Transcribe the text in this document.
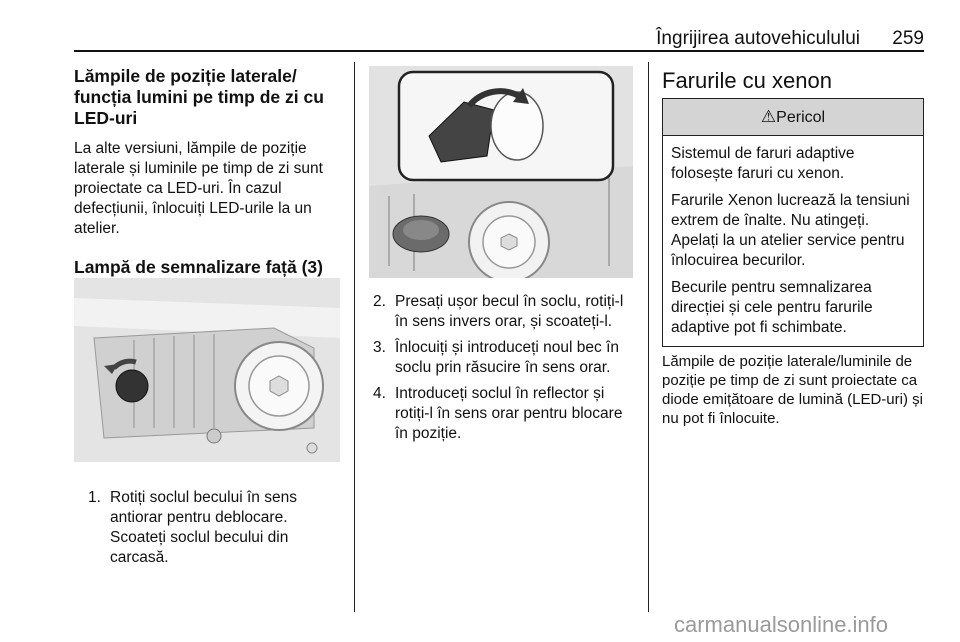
Îngrijirea autovehiculului 259
Lămpile de poziție laterale/ funcția lumini pe timp de zi cu LED-uri

La alte versiuni, lămpile de poziție laterale și luminile pe timp de zi sunt proiectate ca LED-uri. În cazul defecțiunii, înlocuiți LED-urile la un atelier.

Lampă de semnalizare față (3)
1. Rotiți soclul becului în sens antiorar pentru deblocare. Scoateți soclul becului din carcasă.
2. Presați ușor becul în soclu, rotiți-l în sens invers orar, și scoateți-l.
3. Înlocuiți și introduceți noul bec în soclu prin răsucire în sens orar.
4. Introduceți soclul în reflector și rotiți-l în sens orar pentru blocare în poziție.
Farurile cu xenon
⚠Pericol

Sistemul de faruri adaptive folosește faruri cu xenon.

Farurile Xenon lucrează la tensiuni extrem de înalte. Nu atingeți. Apelați la un atelier service pentru înlocuirea becurilor.

Becurile pentru semnalizarea direcției și cele pentru farurile adaptive pot fi schimbate.

Lămpile de poziție laterale/luminile de poziție pe timp de zi sunt proiectate ca diode emițătoare de lumină (LED-uri) și nu pot fi înlocuite.

carmanualsonline.info
